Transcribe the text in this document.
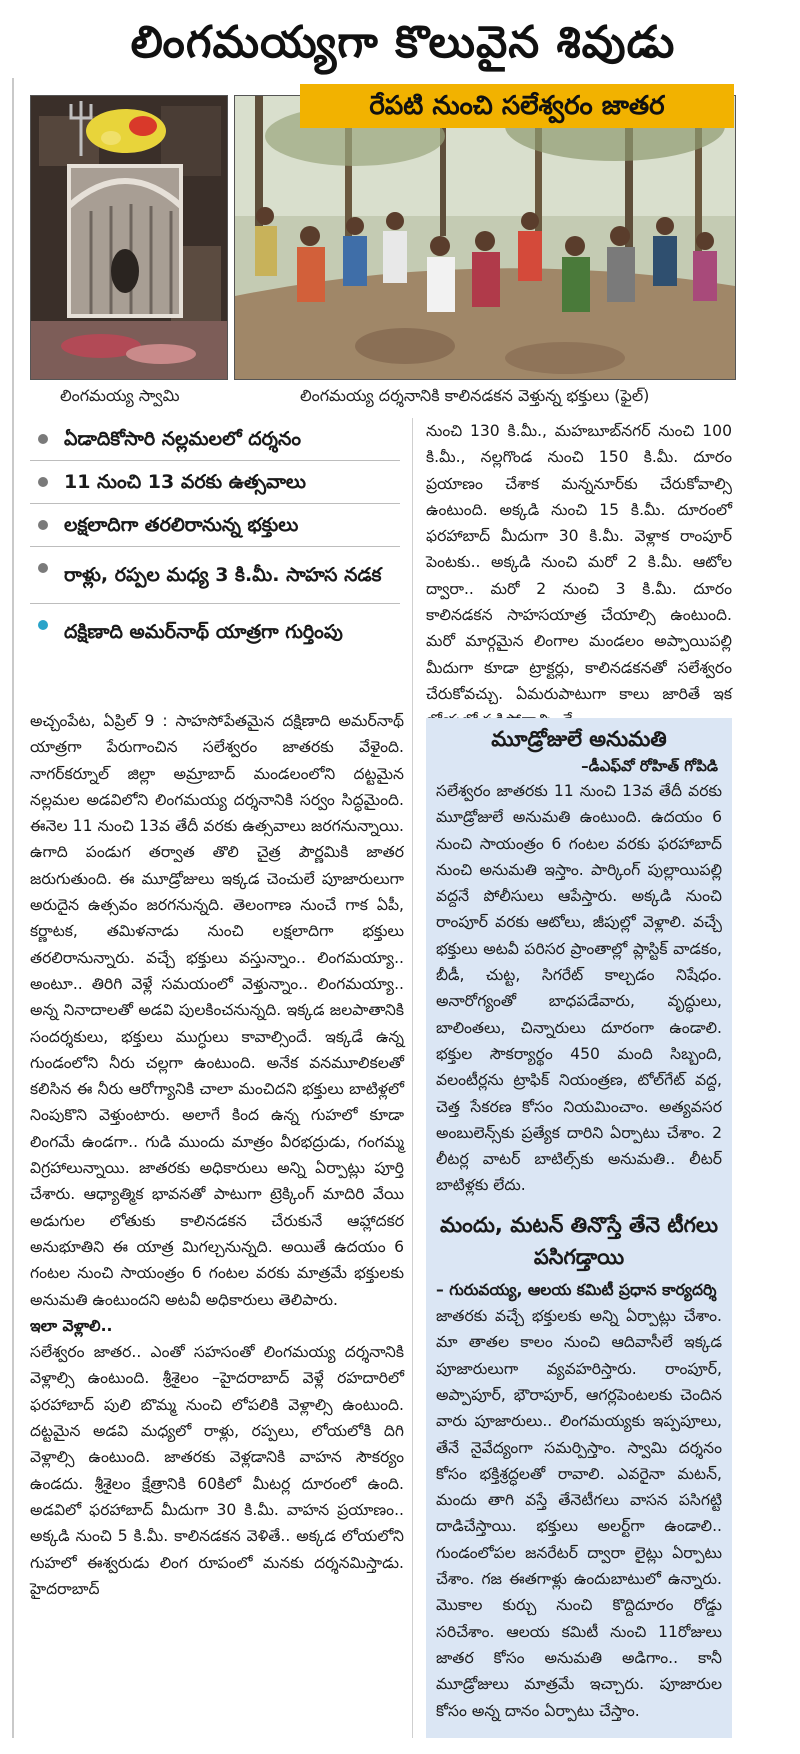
లింగమయ్యగా కొలువైన శివుడు
రేపటి నుంచి సలేశ్వరం జాతర
లింగమయ్య స్వామి	లింగమయ్య దర్శనానికి కాలినడకన వెళ్తున్న భక్తులు (ఫైల్)
ఏడాదికోసారి నల్లమలలో దర్శనం
11 నుంచి 13 వరకు ఉత్సవాలు
లక్షలాదిగా తరలిరానున్న భక్తులు
రాళ్లు, రప్పల మధ్య 3 కి.మీ. సాహస నడక
దక్షిణాది అమర్‌నాథ్‌ యాత్రగా గుర్తింపు

అచ్చంపేట, ఏప్రిల్‌ 9 : సాహసోపేతమైన దక్షిణాది అమర్‌నాథ్‌ యాత్రగా పేరుగాంచిన సలేశ్వరం జాతరకు వేళైంది. నాగర్‌కర్నూల్‌ జిల్లా అమ్రాబాద్‌ మండలంలోని దట్టమైన నల్లమల అడవిలోని లింగమయ్య దర్శనానికి సర్వం సిద్ధమైంది. ఈనెల 11 నుంచి 13వ తేదీ వరకు ఉత్సవాలు జరగనున్నాయి. ఉగాది పండుగ తర్వాత తొలి చైత్ర పౌర్ణమికి జాతర జరుగుతుంది. ఈ మూడ్రోజులు ఇక్కడ చెంచులే పూజారులుగా అరుదైన ఉత్సవం జరగనున్నది. తెలంగాణ నుంచే గాక ఏపీ, కర్ణాటక, తమిళనాడు నుంచి లక్షలాదిగా భక్తులు తరలిరానున్నారు. వచ్చే భక్తులు వస్తున్నాం.. లింగమయ్యా.. అంటూ.. తిరిగి వెళ్లే సమయంలో వెళ్తున్నాం.. లింగమయ్యా.. అన్న నినాదాలతో అడవి పులకించనున్నది. ఇక్కడ జలపాతానికి సందర్శకులు, భక్తులు ముగ్ధులు కావాల్సిందే. ఇక్కడే ఉన్న గుండంలోని నీరు చల్లగా ఉంటుంది. అనేక వనమూలికలతో కలిసిన ఈ నీరు ఆరోగ్యానికి చాలా మంచిదని భక్తులు బాటిళ్లలో నింపుకొని వెళ్తుంటారు. అలాగే కింద ఉన్న గుహలో కూడా లింగమే ఉండగా.. గుడి ముందు మాత్రం వీరభద్రుడు, గంగమ్మ విగ్రహాలున్నాయి. జాతరకు అధికారులు అన్ని ఏర్పాట్లు పూర్తి చేశారు. ఆధ్యాత్మిక భావనతో పాటుగా ట్రెక్కింగ్‌ మాదిరి వేయి అడుగుల లోతుకు కాలినడకన చేరుకునే ఆహ్లాదకర అనుభూతిని ఈ యాత్ర మిగల్చనున్నది. అయితే ఉదయం 6 గంటల నుంచి సాయంత్రం 6 గంటల వరకు మాత్రమే భక్తులకు అనుమతి ఉంటుందని అటవీ అధికారులు తెలిపారు.

ఇలా వెళ్లాలి..

సలేశ్వరం జాతర.. ఎంతో సహసంతో లింగమయ్య దర్శనానికి వెళ్లాల్సి ఉంటుంది. శ్రీశైలం –హైదరాబాద్‌ వెళ్లే రహదారిలో ఫరహాబాద్‌ పులి బొమ్మ నుంచి లోపలికి వెళ్లాల్సి ఉంటుంది. దట్టమైన అడవి మధ్యలో రాళ్లు, రప్పలు, లోయలోకి దిగి వెళ్లాల్సి ఉంటుంది. జాతరకు వెళ్లడానికి వాహన సౌకర్యం ఉండదు. శ్రీశైలం క్షేత్రానికి 60కిలో మీటర్ల దూరంలో ఉంది. అడవిలో ఫరహాబాద్‌ మీదుగా 30 కి.మీ. వాహన ప్రయాణం.. అక్కడి నుంచి 5 కి.మీ. కాలినడకన వెళితే.. అక్కడ లోయలోని గుహలో ఈశ్వరుడు లింగ రూపంలో మనకు దర్శనమిస్తాడు. హైదరాబాద్‌

నుంచి 130 కి.మీ., మహబూబ్‌నగర్‌ నుంచి 100 కి.మీ., నల్లగొండ నుంచి 150 కి.మీ. దూరం ప్రయాణం చేశాక మన్ననూర్‌కు చేరుకోవాల్సి ఉంటుంది. అక్కడి నుంచి 15 కి.మీ. దూరంలో ఫరహాబాద్‌ మీదుగా 30 కి.మీ. వెళ్లాక రాంపూర్‌ పెంటకు.. అక్కడి నుంచి మరో 2 కి.మీ. ఆటోల ద్వారా.. మరో 2 నుంచి 3 కి.మీ. దూరం కాలినడకన సాహసయాత్ర చేయాల్సి ఉంటుంది. మరో మార్గమైన లింగాల మండలం అప్పాయిపల్లి మీదుగా కూడా ట్రాక్టర్లు, కాలినడకనతో సలేశ్వరం చేరుకోవచ్చు. ఏమరుపాటుగా కాలు జారితే ఇక

మూడ్రోజులే అనుమతి
–డీఎఫ్‌వో రోహిత్‌ గోపిడి

సలేశ్వరం జాతరకు 11 నుంచి 13వ తేదీ వరకు మూడ్రోజులే అనుమతి ఉంటుంది. ఉదయం 6 నుంచి సాయంత్రం 6 గంటల వరకు ఫరహాబాద్‌ నుంచి అనుమతి ఇస్తాం. పార్కింగ్‌ పుల్లాయిపల్లి వద్దనే పోలీసులు ఆపేస్తారు. అక్కడి నుంచి రాంపూర్‌ వరకు ఆటోలు, జీపుల్లో వెళ్లాలి. వచ్చే భక్తులు అటవీ పరిసర ప్రాంతాల్లో ప్లాస్టిక్‌ వాడకం, బీడీ, చుట్ట, సిగరేట్‌ కాల్చడం నిషేధం. అనారోగ్యంతో బాధపడేవారు, వృద్ధులు, బాలింతలు, చిన్నారులు దూరంగా ఉండాలి. భక్తుల సౌకర్యార్థం 450 మంది సిబ్బంది, వలంటీర్లను ట్రాఫిక్‌ నియంత్రణ, టోల్‌గేట్‌ వద్ద, చెత్త సేకరణ కోసం నియమించాం. అత్యవసర అంబులెన్స్‌కు ప్రత్యేక దారిని ఏర్పాటు చేశాం. 2 లీటర్ల వాటర్‌ బాటిల్స్‌కు అనుమతి.. లీటర్‌ బాటిళ్లకు లేదు.

మందు, మటన్‌ తినొస్తే తేనె టీగలు పసిగడ్తాయి

– గురువయ్య, ఆలయ కమిటీ ప్రధాన కార్యదర్శి

జాతరకు వచ్చే భక్తులకు అన్ని ఏర్పాట్లు చేశాం. మా తాతల కాలం నుంచి ఆదివాసీలే ఇక్కడ పూజారులుగా వ్యవహరిస్తారు. రాంపూర్‌, అప్పాపూర్‌, భౌరాపూర్‌, ఆగర్లపెంటలకు చెందిన వారు పూజారులు.. లింగమయ్యకు ఇప్పపూలు, తేనే నైవేద్యంగా సమర్పిస్తాం. స్వామి దర్శనం కోసం భక్తిశ్రద్ధలతో రావాలి. ఎవరైనా మటన్‌, మందు తాగి వస్తే తేనెటీగలు వాసన పసిగట్టి దాడిచేస్తాయి. భక్తులు అలర్ట్‌గా ఉండాలి.. గుండంలోపల జనరేటర్‌ ద్వారా లైట్లు ఏర్పాటు చేశాం. గజ ఈతగాళ్లు ఉందుబాటులో ఉన్నారు. మొకాల కుర్చు నుంచి కొద్దిదూరం రోడ్డు సరిచేశాం. ఆలయ కమిటీ నుంచి 11రోజులు జాతర కోసం అనుమతి అడిగాం.. కానీ మూడ్రోజులు మాత్రమే ఇచ్చారు. పూజారుల కోసం అన్న దానం ఏర్పాటు చేస్తాం.
